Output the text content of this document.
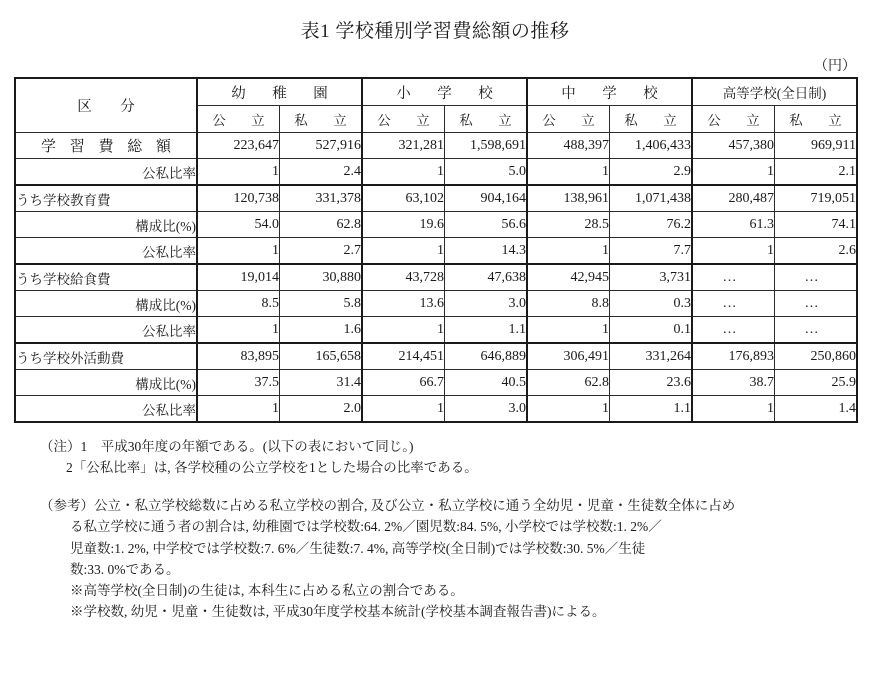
表1 学校種別学習費総額の推移
（円）
区　分	幼　稚　園		小　学　校		中　学　校		高等学校(全日制)	
	公　立	私　立	公　立	私　立	公　立	私　立	公　立	私　立
学 習 費 総 額	223,647	527,916	321,281	1,598,691	488,397	1,406,433	457,380	969,911
公私比率	1	2.4	1	5.0	1	2.9	1	2.1
うち学校教育費	120,738	331,378	63,102	904,164	138,961	1,071,438	280,487	719,051
構成比(%)	54.0	62.8	19.6	56.6	28.5	76.2	61.3	74.1
公私比率	1	2.7	1	14.3	1	7.7	1	2.6
うち学校給食費	19,014	30,880	43,728	47,638	42,945	3,731	…	…
構成比(%)	8.5	5.8	13.6	3.0	8.8	0.3	…	…
公私比率	1	1.6	1	1.1	1	0.1	…	…
うち学校外活動費	83,895	165,658	214,451	646,889	306,491	331,264	176,893	250,860
構成比(%)	37.5	31.4	66.7	40.5	62.8	23.6	38.7	25.9
公私比率	1	2.0	1	3.0	1	1.1	1	1.4
（注）1　平成30年度の年額である。(以下の表において同じ。)
2「公私比率」は, 各学校種の公立学校を1とした場合の比率である。

（参考）公立・私立学校総数に占める私立学校の割合, 及び公立・私立学校に通う全幼児・児童・生徒数全体に占め

る私立学校に通う者の割合は, 幼稚園では学校数:64. 2%／園児数:84. 5%, 小学校では学校数:1. 2%／

児童数:1. 2%, 中学校では学校数:7. 6%／生徒数:7. 4%, 高等学校(全日制)では学校数:30. 5%／生徒

数:33. 0%である。

※高等学校(全日制)の生徒は, 本科生に占める私立の割合である。

※学校数, 幼児・児童・生徒数は, 平成30年度学校基本統計(学校基本調査報告書)による。
